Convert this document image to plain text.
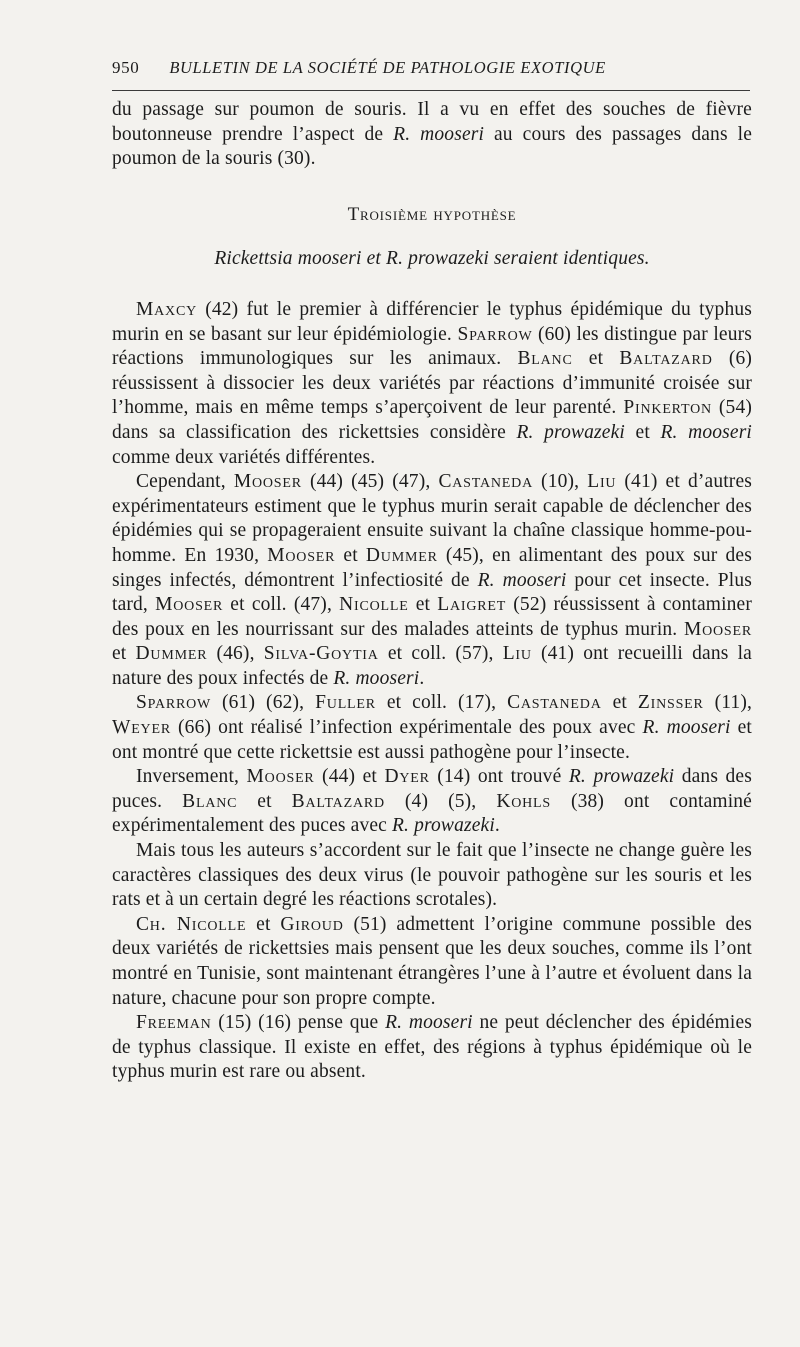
950 BULLETIN DE LA SOCIÉTÉ DE PATHOLOGIE EXOTIQUE

du passage sur poumon de souris. Il a vu en effet des souches de fièvre boutonneuse prendre l’aspect de R. mooseri au cours des passages dans le poumon de la souris (30).

Troisième hypothèse
Rickettsia mooseri et R. prowazeki seraient identiques.

Maxcy (42) fut le premier à différencier le typhus épidémique du typhus murin en se basant sur leur épidémiologie. Sparrow (60) les distingue par leurs réactions immunologiques sur les animaux. Blanc et Baltazard (6) réussissent à dissocier les deux variétés par réactions d’immunité croisée sur l’homme, mais en même temps s’aperçoivent de leur parenté. Pinkerton (54) dans sa classification des rickettsies considère R. prowazeki et R. mooseri comme deux variétés différentes.

Cependant, Mooser (44) (45) (47), Castaneda (10), Liu (41) et d’autres expérimentateurs estiment que le typhus murin serait capable de déclencher des épidémies qui se propageraient ensuite suivant la chaîne classique homme-pou-homme. En 1930, Mooser et Dummer (45), en alimentant des poux sur des singes infectés, démontrent l’infectiosité de R. mooseri pour cet insecte. Plus tard, Mooser et coll. (47), Nicolle et Laigret (52) réussissent à contaminer des poux en les nourrissant sur des malades atteints de typhus murin. Mooser et Dummer (46), Silva-Goytia et coll. (57), Liu (41) ont recueilli dans la nature des poux infectés de R. mooseri.

Sparrow (61) (62), Fuller et coll. (17), Castaneda et Zinsser (11), Weyer (66) ont réalisé l’infection expérimentale des poux avec R. mooseri et ont montré que cette rickettsie est aussi pathogène pour l’insecte.

Inversement, Mooser (44) et Dyer (14) ont trouvé R. prowazeki dans des puces. Blanc et Baltazard (4) (5), Kohls (38) ont contaminé expérimentalement des puces avec R. prowazeki.

Mais tous les auteurs s’accordent sur le fait que l’insecte ne change guère les caractères classiques des deux virus (le pouvoir pathogène sur les souris et les rats et à un certain degré les réactions scrotales).

Ch. Nicolle et Giroud (51) admettent l’origine commune possible des deux variétés de rickettsies mais pensent que les deux souches, comme ils l’ont montré en Tunisie, sont maintenant étrangères l’une à l’autre et évoluent dans la nature, chacune pour son propre compte.

Freeman (15) (16) pense que R. mooseri ne peut déclencher des épidémies de typhus classique. Il existe en effet, des régions à typhus épidémique où le typhus murin est rare ou absent.
